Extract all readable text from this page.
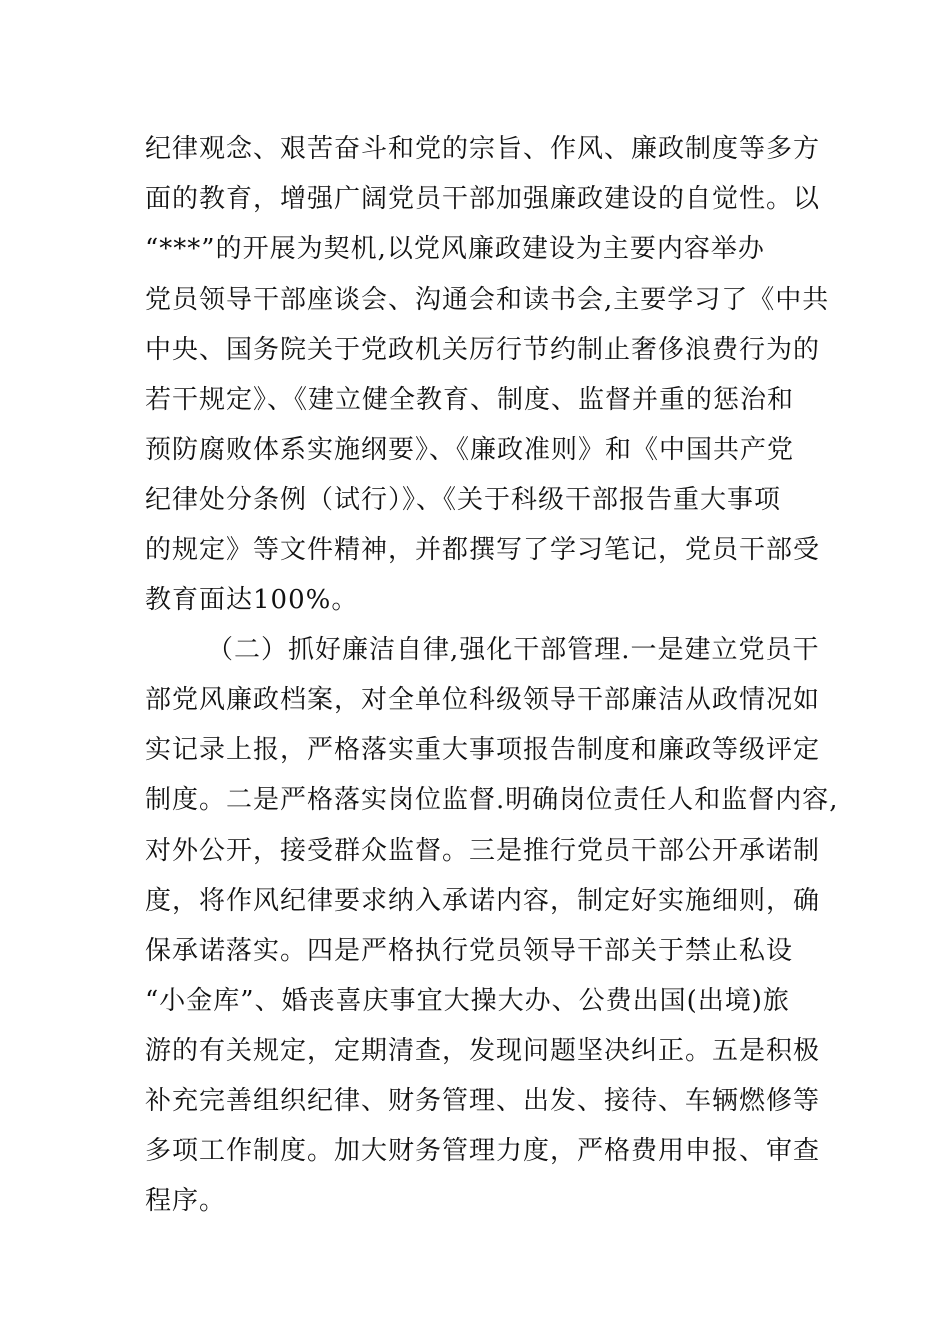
纪律观念、艰苦奋斗和党的宗旨、作风、廉政制度等多方
面的教育，增强广阔党员干部加强廉政建设的自觉性。以
“***”的开展为契机,以党风廉政建设为主要内容举办
党员领导干部座谈会、沟通会和读书会,主要学习了《中共
中央、国务院关于党政机关厉行节约制止奢侈浪费行为的
若干规定》、《建立健全教育、制度、监督并重的惩治和
预防腐败体系实施纲要》、《廉政准则》和《中国共产党
纪律处分条例（试行）》、《关于科级干部报告重大事项
的规定》等文件精神，并都撰写了学习笔记，党员干部受
教育面达100%。
（二）抓好廉洁自律,强化干部管理.一是建立党员干
部党风廉政档案，对全单位科级领导干部廉洁从政情况如
实记录上报，严格落实重大事项报告制度和廉政等级评定
制度。二是严格落实岗位监督.明确岗位责任人和监督内容,
对外公开，接受群众监督。三是推行党员干部公开承诺制
度，将作风纪律要求纳入承诺内容，制定好实施细则，确
保承诺落实。四是严格执行党员领导干部关于禁止私设
“小金库”、婚丧喜庆事宜大操大办、公费出国(出境)旅
游的有关规定，定期清查，发现问题坚决纠正。五是积极
补充完善组织纪律、财务管理、出发、接待、车辆燃修等
多项工作制度。加大财务管理力度，严格费用申报、审查
程序。
